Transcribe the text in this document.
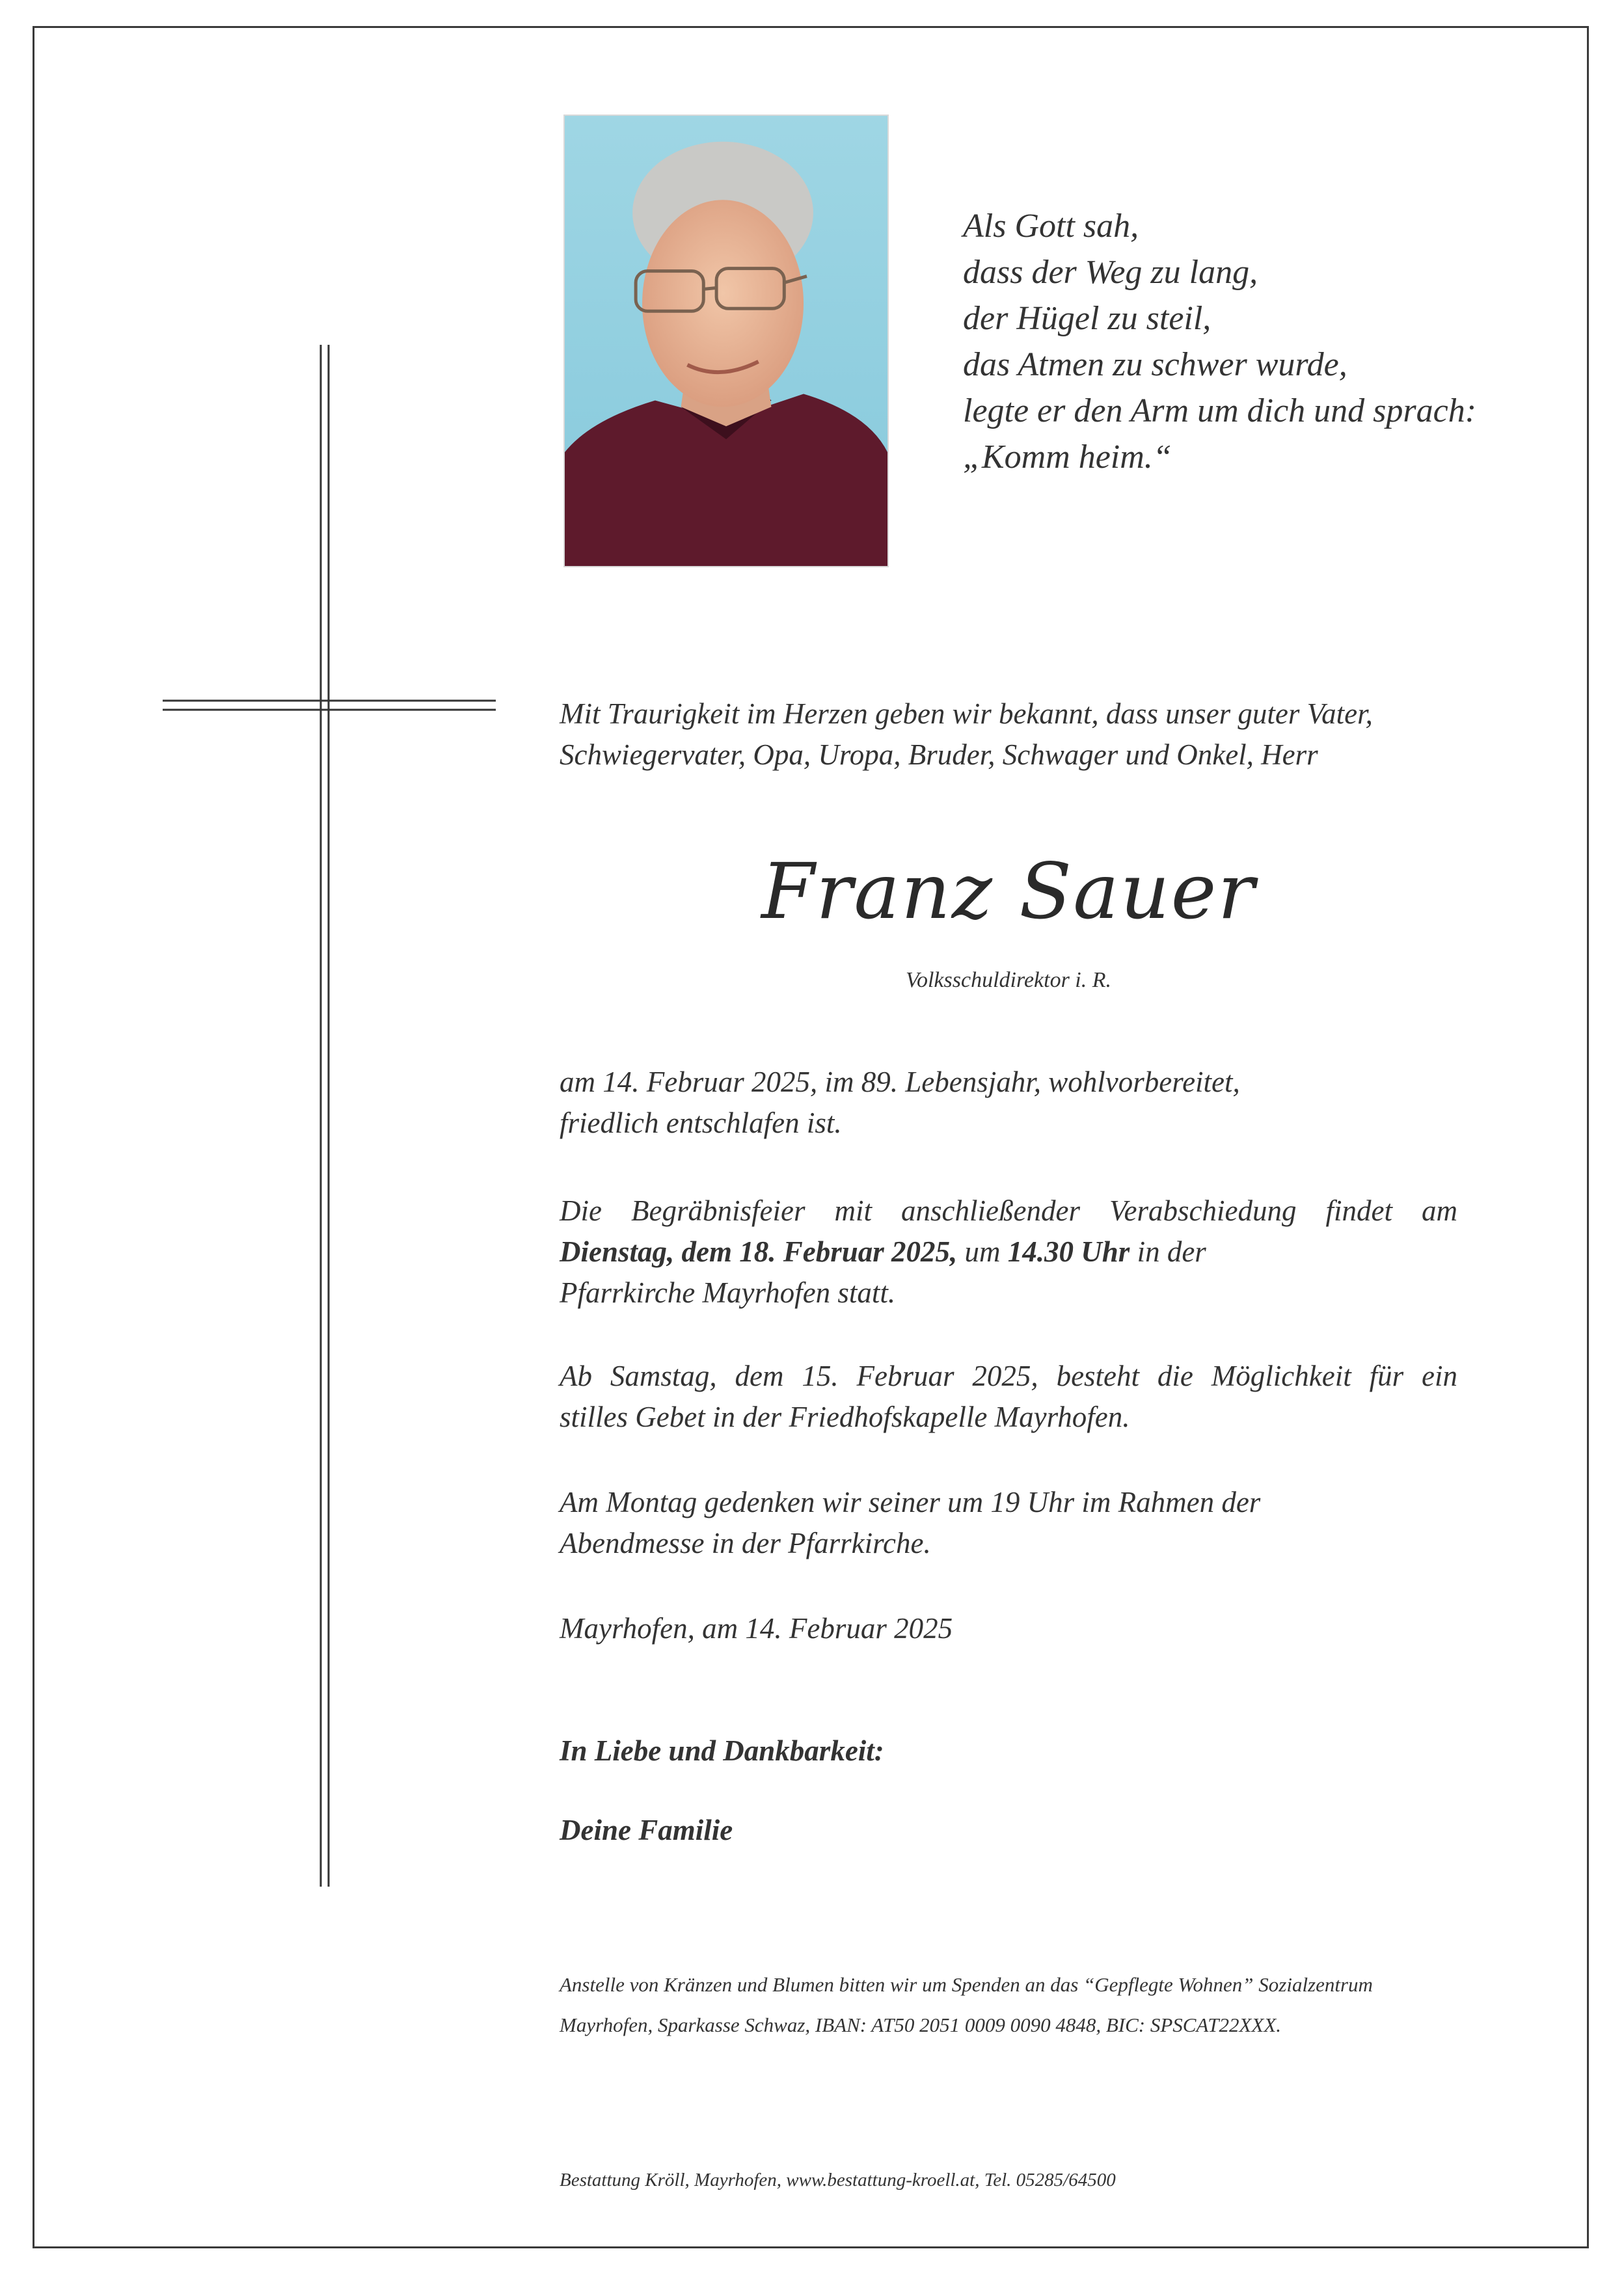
Als Gott sah,
dass der Weg zu lang,
der Hügel zu steil,
das Atmen zu schwer wurde,
legte er den Arm um dich und sprach:
„Komm heim.“
Mit Traurigkeit im Herzen geben wir bekannt, dass unser guter Vater,
Schwiegervater, Opa, Uropa, Bruder, Schwager und Onkel, Herr
Franz Sauer
Volksschuldirektor i. R.
am 14. Februar 2025, im 89. Lebensjahr, wohlvorbereitet,
friedlich entschlafen ist.
Die Begräbnisfeier mit anschließender Verabschiedung findet am
Dienstag, dem 18. Februar 2025, um 14.30 Uhr in der
Pfarrkirche Mayrhofen statt.
Ab Samstag, dem 15. Februar 2025, besteht die Möglichkeit für ein
stilles Gebet in der Friedhofskapelle Mayrhofen.
Am Montag gedenken wir seiner um 19 Uhr im Rahmen der
Abendmesse in der Pfarrkirche.
Mayrhofen, am 14. Februar 2025
In Liebe und Dankbarkeit:
Deine Familie
Anstelle von Kränzen und Blumen bitten wir um Spenden an das “Gepflegte Wohnen” Sozialzentrum
Mayrhofen, Sparkasse Schwaz, IBAN: AT50 2051 0009 0090 4848, BIC: SPSCAT22XXX.
Bestattung Kröll, Mayrhofen, www.bestattung-kroell.at, Tel. 05285/64500
